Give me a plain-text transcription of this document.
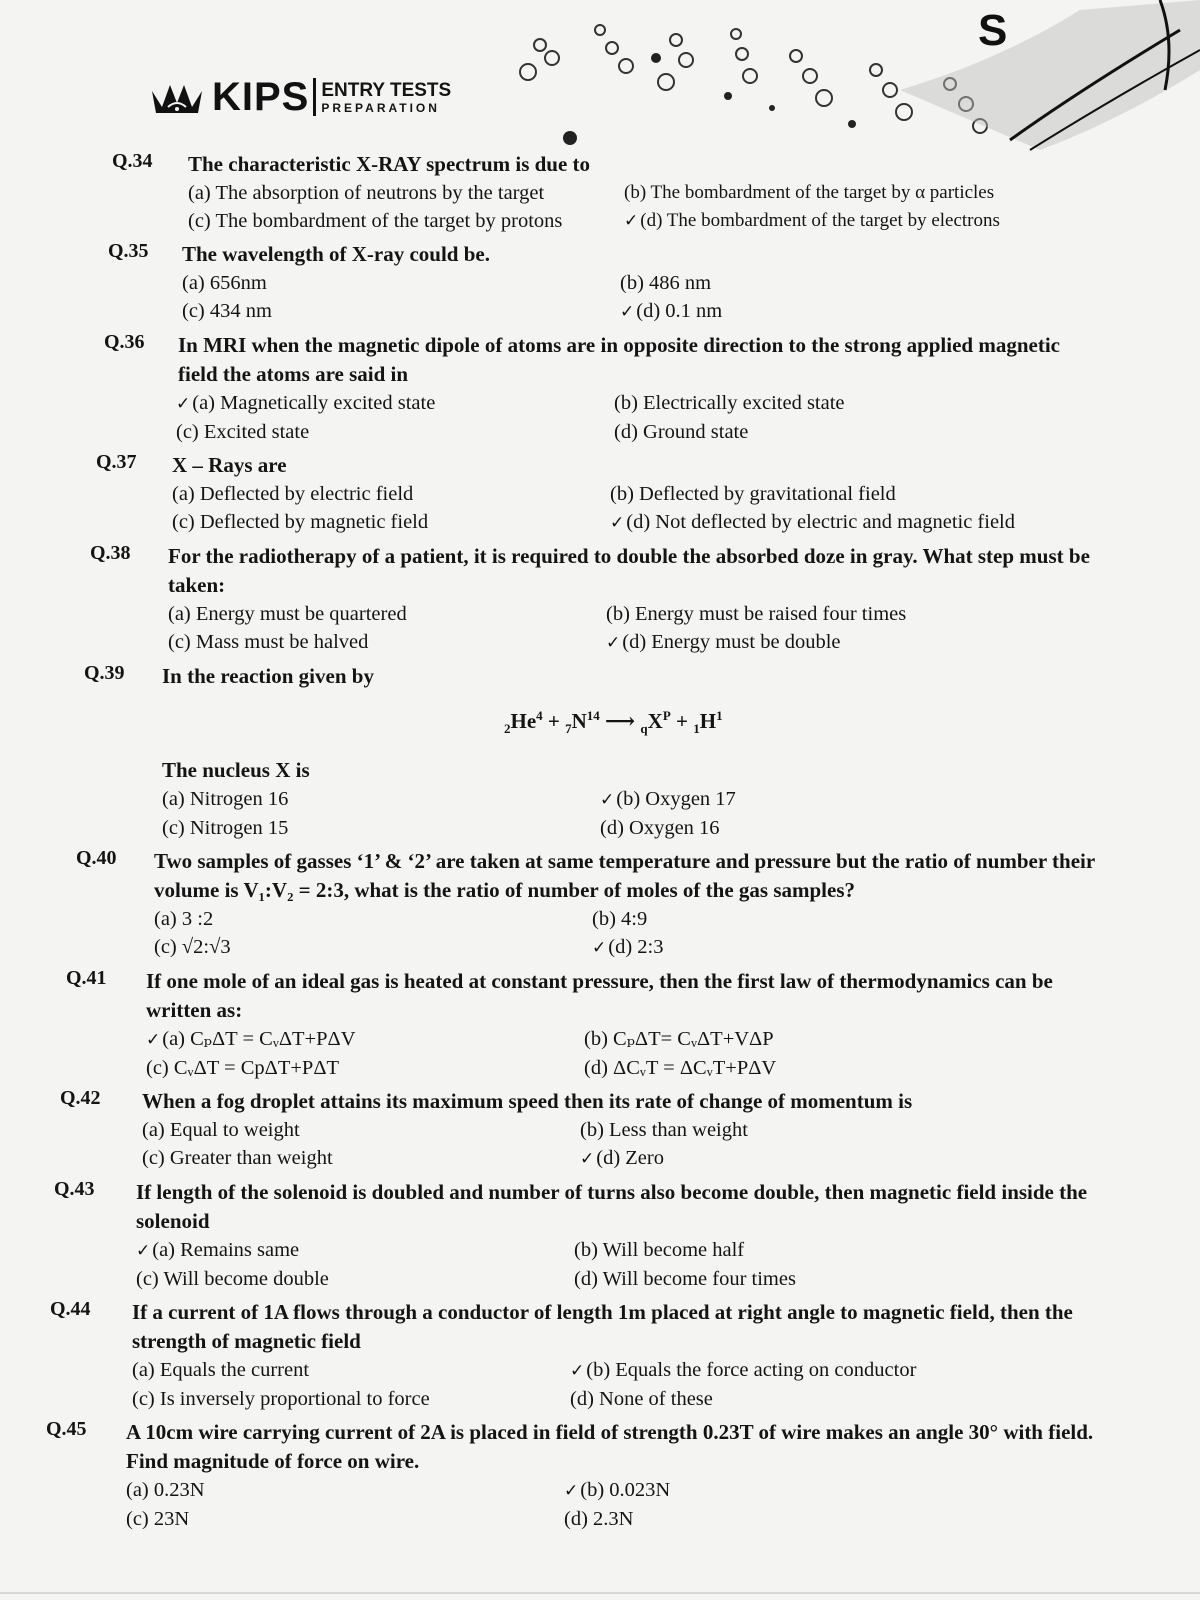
KIPS ENTRY TESTS
PREPARATION
S
Q.34 The characteristic X-RAY spectrum is due to
(a) The absorption of neutrons by the target	(b) The bombardment of the target by α particles
(c) The bombardment of the target by protons	✓ (d) The bombardment of the target by electrons
Q.35 The wavelength of X-ray could be.
(a) 656nm	(b) 486 nm
(c) 434 nm	✓(d) 0.1 nm
Q.36 In MRI when the magnetic dipole of atoms are in opposite direction to the strong applied magnetic field the atoms are said in
✓(a) Magnetically excited state	(b) Electrically excited state
(c) Excited state	(d) Ground state
Q.37 X – Rays are
(a) Deflected by electric field	(b) Deflected by gravitational field
(c) Deflected by magnetic field	✓(d) Not deflected by electric and magnetic field
Q.38 For the radiotherapy of a patient, it is required to double the absorbed doze in gray. What step must be taken:
(a) Energy must be quartered	(b) Energy must be raised four times
(c) Mass must be halved	✓(d) Energy must be double
Q.39 In the reaction given by
$_2He^4 + _7N^{14}$ ⟶ $_qX^P + _1H^1$
The nucleus X is
(a) Nitrogen 16	✓(b) Oxygen 17
(c) Nitrogen 15	(d) Oxygen 16
Q.40 Two samples of gasses ‘1’ & ‘2’ are taken at same temperature and pressure but the ratio of number their volume is V₁:V₂ = 2:3, what is the ratio of number of moles of the gas samples?
(a) 3 :2	(b) 4:9
(c) √2:√3	✓(d) 2:3
Q.41 If one mole of an ideal gas is heated at constant pressure, then the first law of thermodynamics can be written as:
✓(a) CₚΔT = CᵥΔT+PΔV	(b) CₚΔT= CᵥΔT+VΔP
(c) CᵥΔT = CpΔT+PΔT	(d) ΔCᵥT = ΔCᵥT+PΔV
Q.42 When a fog droplet attains its maximum speed then its rate of change of momentum is
(a) Equal to weight	(b) Less than weight
(c) Greater than weight	✓(d) Zero
Q.43 If length of the solenoid is doubled and number of turns also become double, then magnetic field inside the solenoid
✓(a) Remains same	(b) Will become half
(c) Will become double	(d) Will become four times
Q.44 If a current of 1A flows through a conductor of length 1m placed at right angle to magnetic field, then the strength of magnetic field
(a) Equals the current	✓(b) Equals the force acting on conductor
(c) Is inversely proportional to force	(d) None of these
Q.45 A 10cm wire carrying current of 2A is placed in field of strength 0.23T of wire makes an angle 30° with field. Find magnitude of force on wire.
(a) 0.23N	✓(b) 0.023N
(c) 23N	(d) 2.3N
